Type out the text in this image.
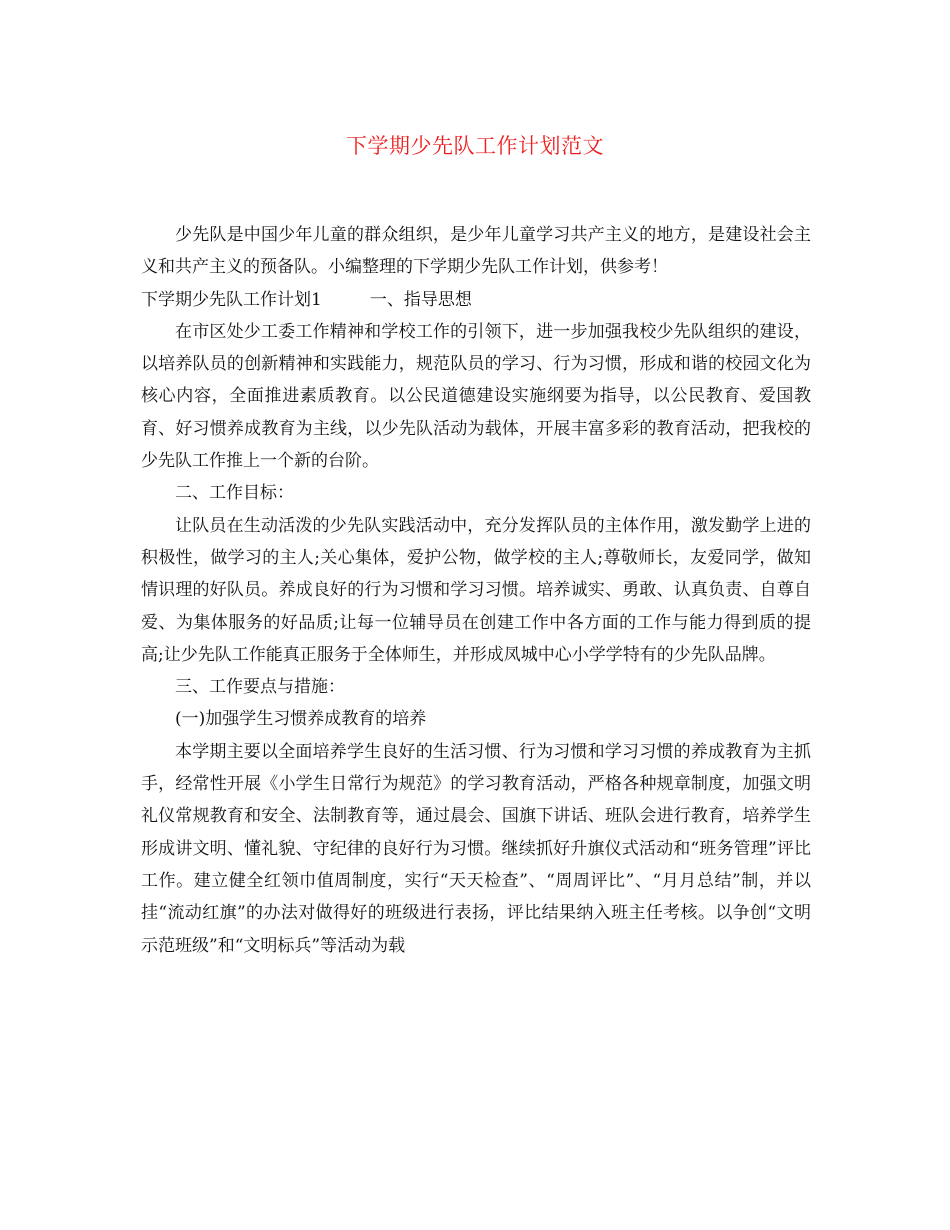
下学期少先队工作计划范文

少先队是中国少年儿童的群众组织，是少年儿童学习共产主义的地方，是建设社会主义和共产主义的预备队。小编整理的下学期少先队工作计划，供参考！

下学期少先队工作计划1	一、指导思想

在市区处少工委工作精神和学校工作的引领下，进一步加强我校少先队组织的建设，以培养队员的创新精神和实践能力，规范队员的学习、行为习惯，形成和谐的校园文化为核心内容，全面推进素质教育。以公民道德建设实施纲要为指导，以公民教育、爱国教育、好习惯养成教育为主线，以少先队活动为载体，开展丰富多彩的教育活动，把我校的少先队工作推上一个新的台阶。

二、工作目标：

让队员在生动活泼的少先队实践活动中，充分发挥队员的主体作用，激发勤学上进的积极性，做学习的主人;关心集体，爱护公物，做学校的主人;尊敬师长，友爱同学，做知情识理的好队员。养成良好的行为习惯和学习习惯。培养诚实、勇敢、认真负责、自尊自爱、为集体服务的好品质;让每一位辅导员在创建工作中各方面的工作与能力得到质的提高;让少先队工作能真正服务于全体师生，并形成凤城中心小学学特有的少先队品牌。

三、工作要点与措施：

(一)加强学生习惯养成教育的培养

本学期主要以全面培养学生良好的生活习惯、行为习惯和学习习惯的养成教育为主抓手，经常性开展《小学生日常行为规范》的学习教育活动，严格各种规章制度，加强文明礼仪常规教育和安全、法制教育等，通过晨会、国旗下讲话、班队会进行教育，培养学生形成讲文明、懂礼貌、守纪律的良好行为习惯。继续抓好升旗仪式活动和“班务管理”评比工作。建立健全红领巾值周制度，实行“天天检查”、“周周评比”、“月月总结”制，并以挂“流动红旗”的办法对做得好的班级进行表扬，评比结果纳入班主任考核。以争创“文明示范班级”和“文明标兵”等活动为载
